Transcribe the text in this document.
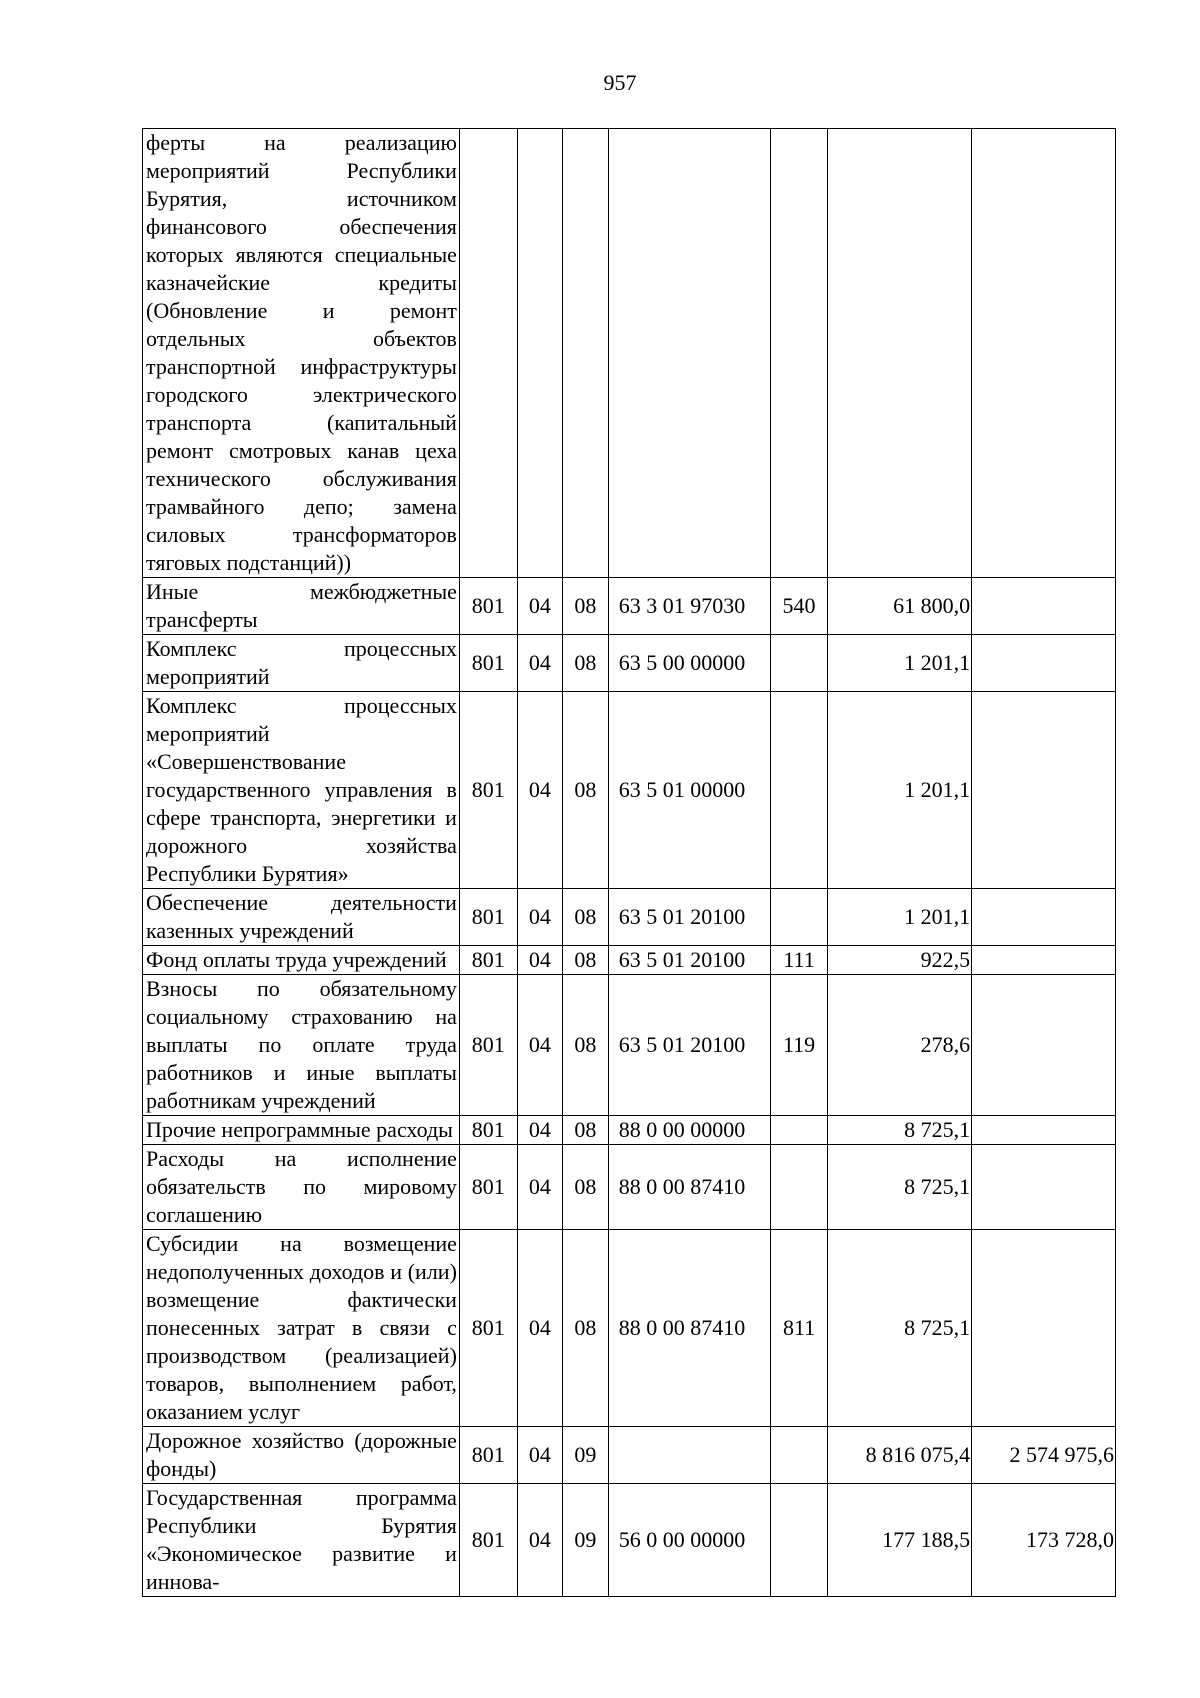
957
ферты на реализацию мероприятий Республики Бурятия, источником финансового обеспечения которых являются специальные казначейские кредиты (Обновление и ремонт отдельных объектов транспортной инфраструктуры городского электрического транспорта (капитальный ремонт смотровых канав цеха технического обслуживания трамвайного депо; замена силовых трансформаторов тяговых подстанций))							
Иные межбюджетные трансферты	801	04	08	63 3 01 97030	540	61 800,0	
Комплекс процессных мероприятий	801	04	08	63 5 00 00000		1 201,1	
Комплекс процессных мероприятий «Совершенствование государственного управления в сфере транспорта, энергетики и дорожного хозяйства Республики Бурятия»	801	04	08	63 5 01 00000		1 201,1	
Обеспечение деятельности казенных учреждений	801	04	08	63 5 01 20100		1 201,1	
Фонд оплаты труда учреждений	801	04	08	63 5 01 20100	111	922,5	
Взносы по обязательному социальному страхованию на выплаты по оплате труда работников и иные выплаты работникам учреждений	801	04	08	63 5 01 20100	119	278,6	
Прочие непрограммные расходы	801	04	08	88 0 00 00000		8 725,1	
Расходы на исполнение обязательств по мировому соглашению	801	04	08	88 0 00 87410		8 725,1	
Субсидии на возмещение недополученных доходов и (или) возмещение фактически понесенных затрат в связи с производством (реализацией) товаров, выполнением работ, оказанием услуг	801	04	08	88 0 00 87410	811	8 725,1	
Дорожное хозяйство (дорожные фонды)	801	04	09			8 816 075,4	2 574 975,6
Государственная программа Республики Бурятия «Экономическое развитие и иннова-	801	04	09	56 0 00 00000		177 188,5	173 728,0
